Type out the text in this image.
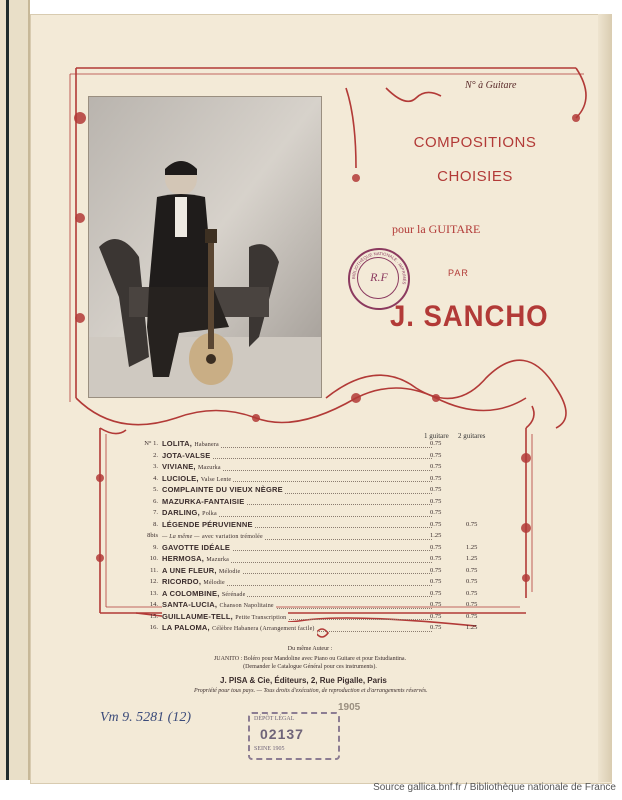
N° à Guitare
COMPOSITIONS
CHOISIES
pour la GUITARE
PAR
J. SANCHO
BIBLIOTHÈQUE NATIONALE · IMPRIMÉS
R.F
1 guitare 2 guitares
N° 1. LOLITA, Habanera	0.75
2. JOTA-VALSE	0.75
3. VIVIANE, Mazurka	0.75
4. LUCIOLE, Valse Lente	0.75
5. COMPLAINTE DU VIEUX NÈGRE	0.75
6. MAZURKA-FANTAISIE	0.75
7. DARLING, Polka	0.75
8. LÉGENDE PÉRUVIENNE	0.75	0.75
8bis — La même — avec variation trémolée	1.25
9. GAVOTTE IDÉALE	0.75	1.25
10. HERMOSA, Mazurka	0.75	1.25
11. A UNE FLEUR, Mélodie	0.75	0.75
12. RICORDO, Mélodie	0.75	0.75
13. A COLOMBINE, Sérénade	0.75	0.75
14. SANTA-LUCIA, Chanson Napolitaine	0.75	0.75
15. GUILLAUME-TELL, Petite Transcription	0.75	0.75
16. LA PALOMA, Célèbre Habanera (Arrangement facile)	0.75	1.25
Du même Auteur :
JUANITO : Boléro pour Mandoline avec Piano ou Guitare et pour Estudiantina.
(Demander le Catalogue Général pour ces instruments).
J. PISA & Cie, Éditeurs, 2, Rue Pigalle, Paris
Propriété pour tous pays. — Tous droits d'exécution, de reproduction et d'arrangements réservés.
1905
Vm 9. 5281 (12)	DÉPÔT LÉGAL
02137
SEINE 1905
Source gallica.bnf.fr / Bibliothèque nationale de France
